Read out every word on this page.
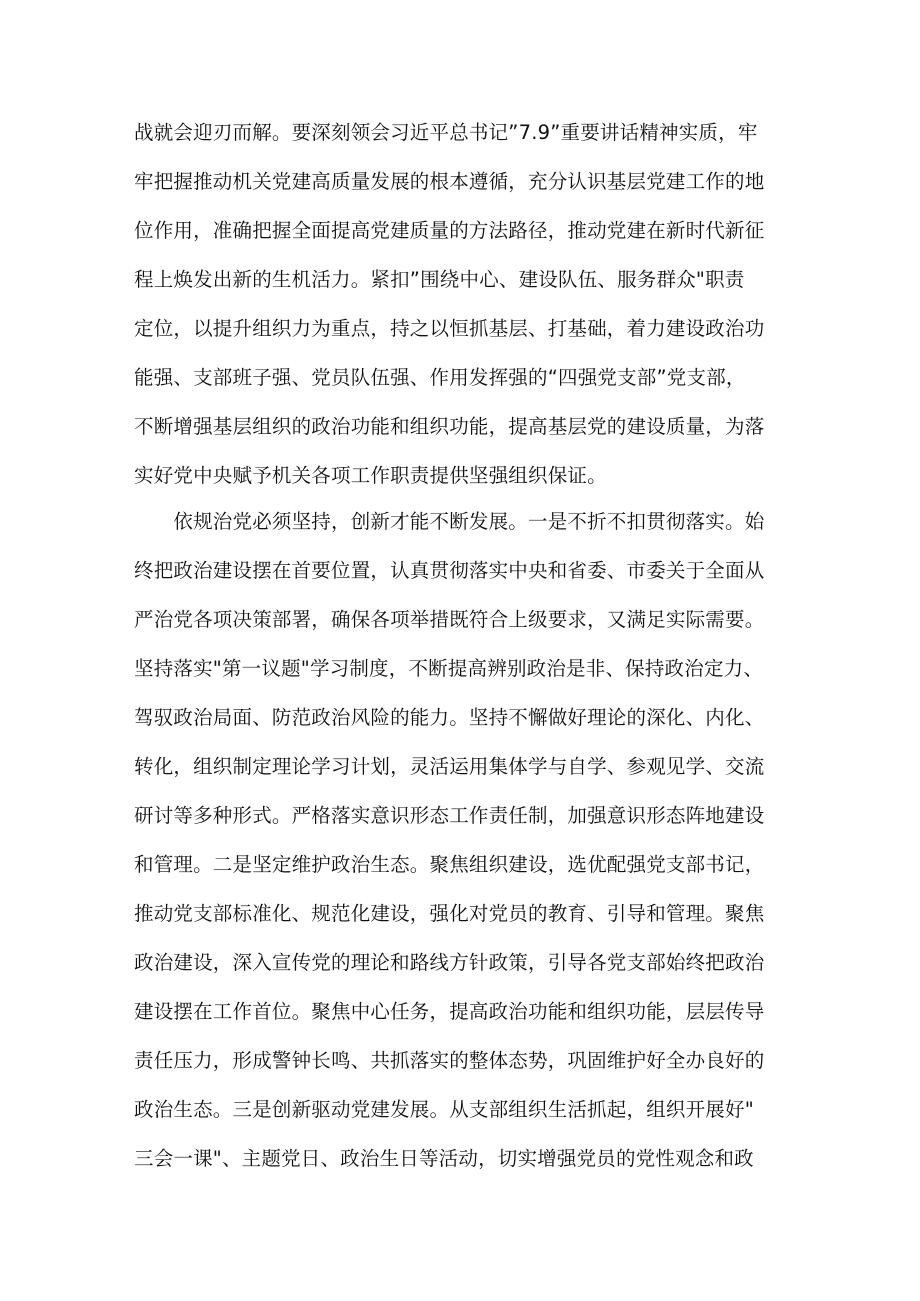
战就会迎刃而解。要深刻领会习近平总书记”7.9”重要讲话精神实质，牢
牢把握推动机关党建高质量发展的根本遵循，充分认识基层党建工作的地
位作用，准确把握全面提高党建质量的方法路径，推动党建在新时代新征
程上焕发出新的生机活力。紧扣”围绕中心、建设队伍、服务群众"职责
定位，以提升组织力为重点，持之以恒抓基层、打基础，着力建设政治功
能强、支部班子强、党员队伍强、作用发挥强的“四强党支部”党支部，
不断增强基层组织的政治功能和组织功能，提高基层党的建设质量，为落
实好党中央赋予机关各项工作职责提供坚强组织保证。
　　依规治党必须坚持，创新才能不断发展。一是不折不扣贯彻落实。始
终把政治建设摆在首要位置，认真贯彻落实中央和省委、市委关于全面从
严治党各项决策部署，确保各项举措既符合上级要求，又满足实际需要。
坚持落实"第一议题"学习制度，不断提高辨别政治是非、保持政治定力、
驾驭政治局面、防范政治风险的能力。坚持不懈做好理论的深化、内化、
转化，组织制定理论学习计划，灵活运用集体学与自学、参观见学、交流
研讨等多种形式。严格落实意识形态工作责任制，加强意识形态阵地建设
和管理。二是坚定维护政治生态。聚焦组织建设，选优配强党支部书记，
推动党支部标准化、规范化建设，强化对党员的教育、引导和管理。聚焦
政治建设，深入宣传党的理论和路线方针政策，引导各党支部始终把政治
建设摆在工作首位。聚焦中心任务，提高政治功能和组织功能，层层传导
责任压力，形成警钟长鸣、共抓落实的整体态势，巩固维护好全办良好的
政治生态。三是创新驱动党建发展。从支部组织生活抓起，组织开展好"
三会一课"、主题党日、政治生日等活动，切实增强党员的党性观念和政
